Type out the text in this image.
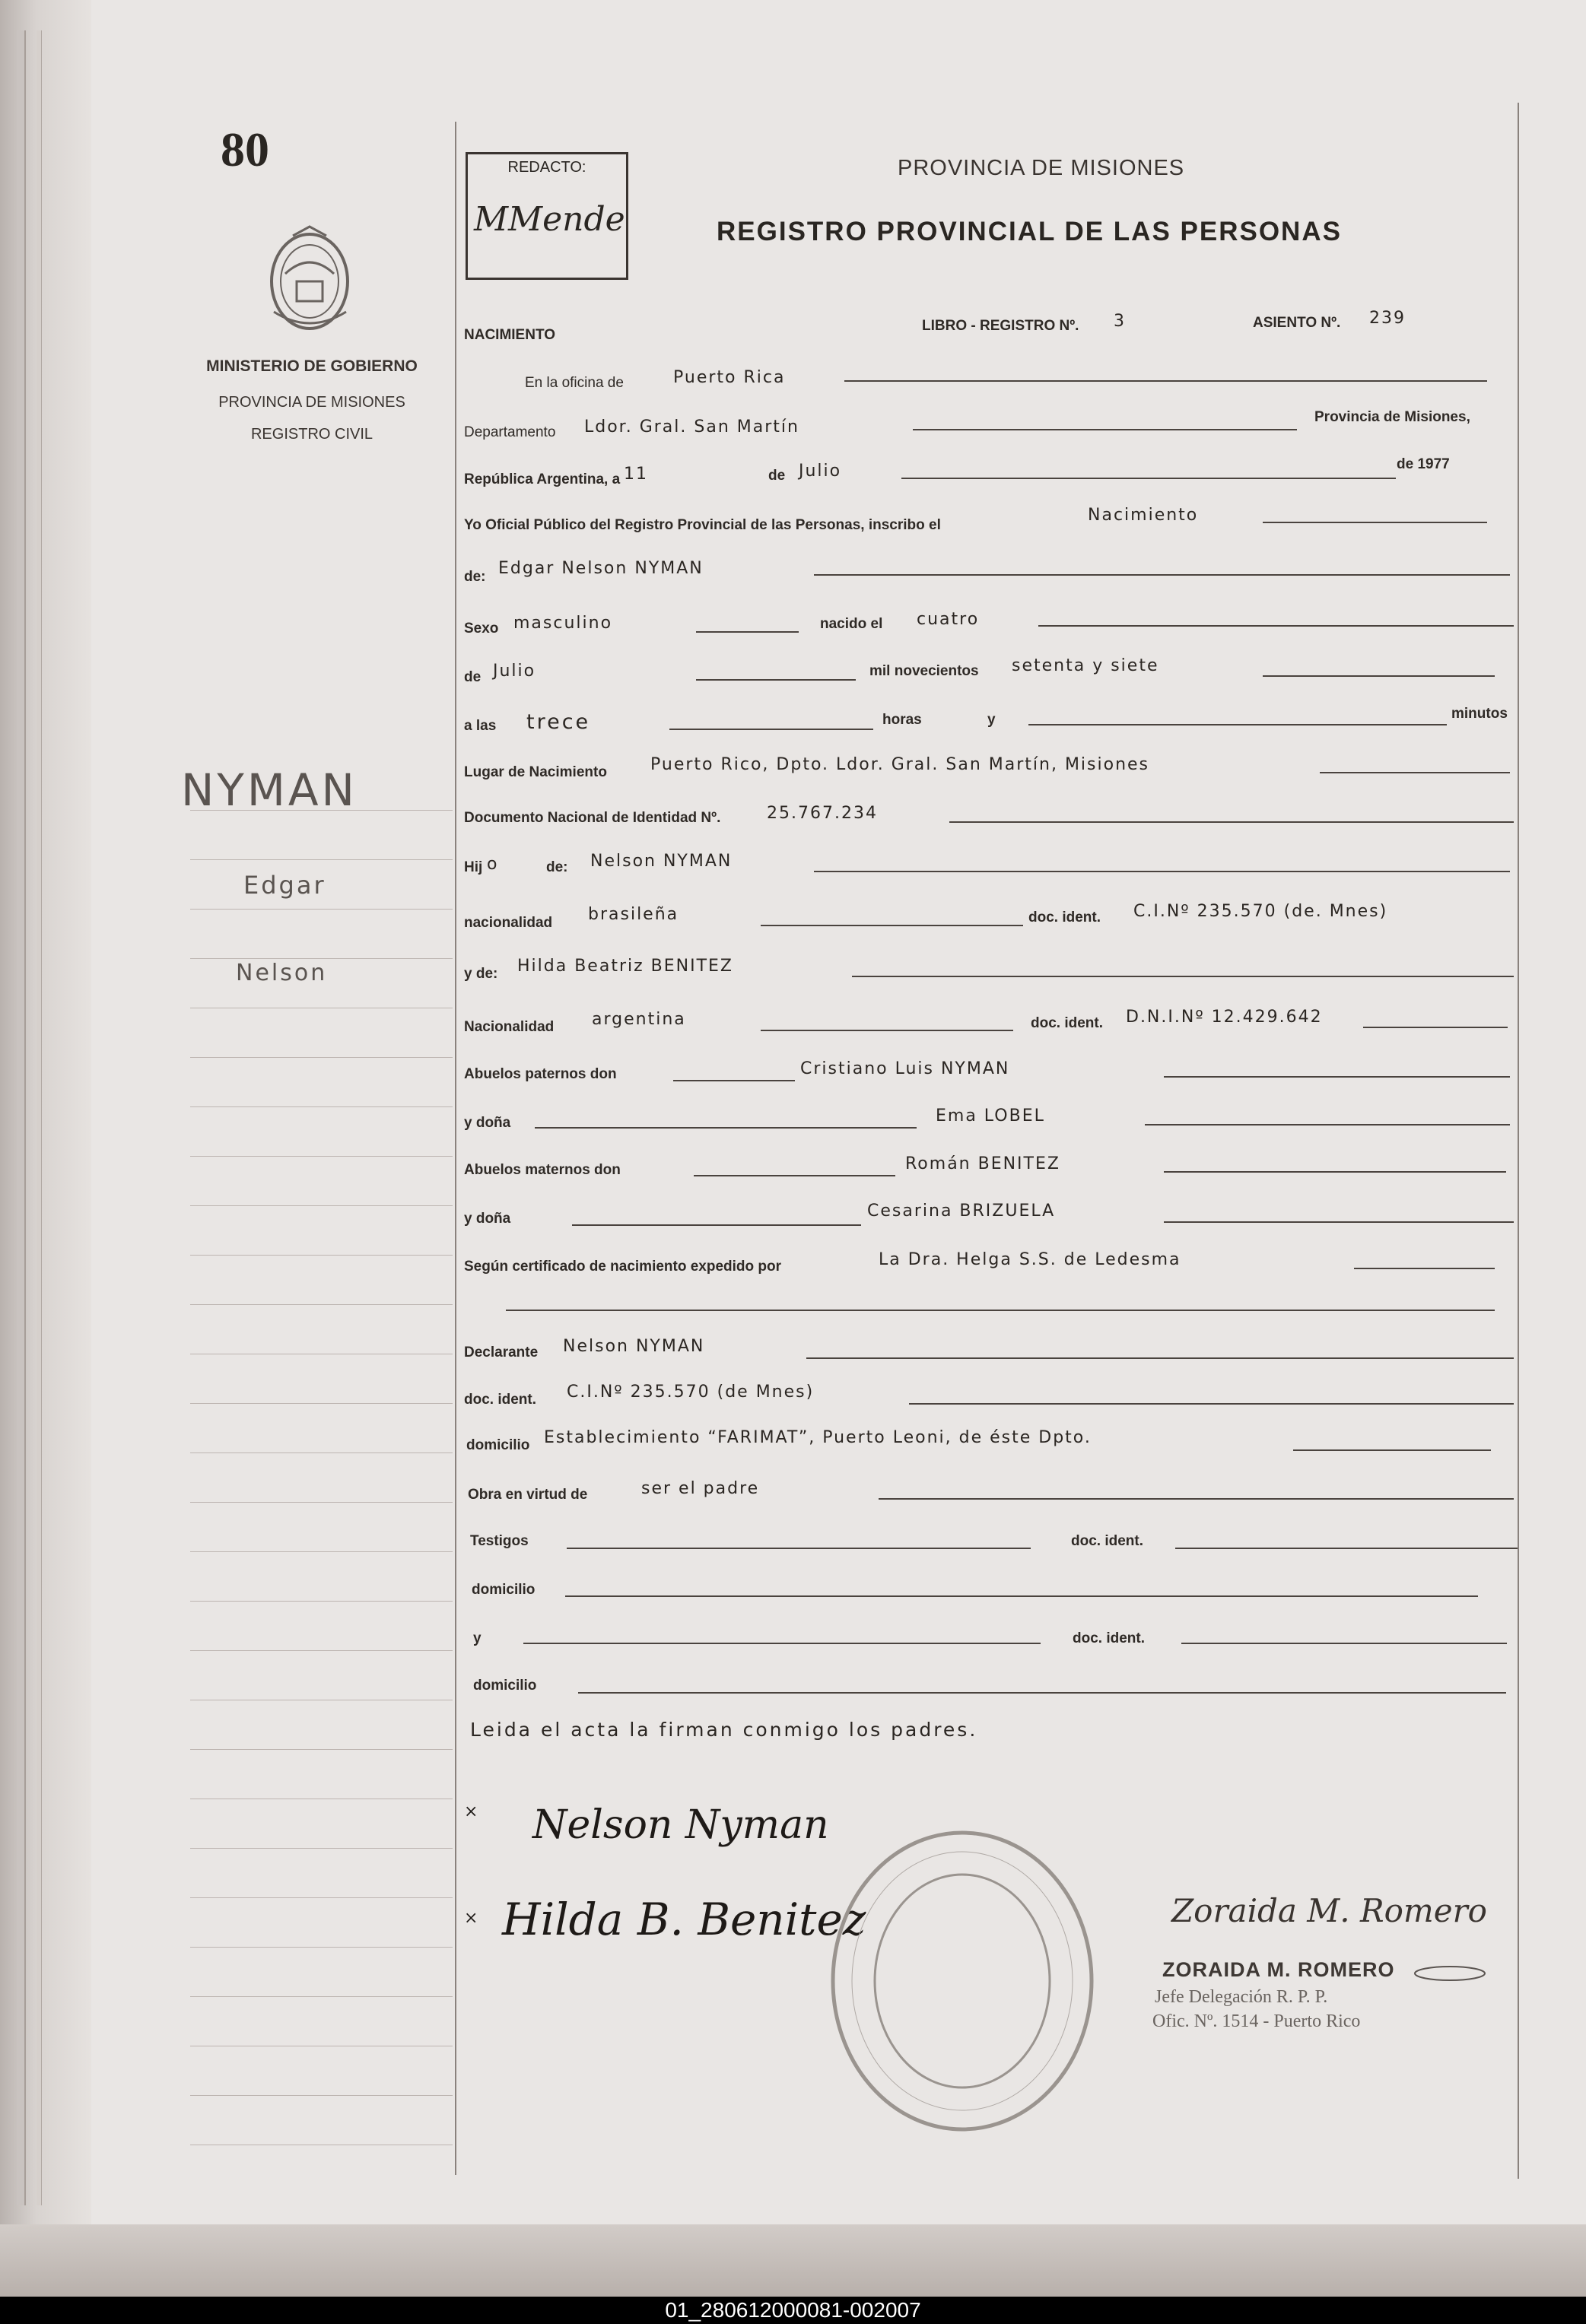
80
MINISTERIO DE GOBIERNO
PROVINCIA DE MISIONES
REGISTRO CIVIL
NYMAN
Edgar
Nelson
REDACTO:
MMende
PROVINCIA DE MISIONES
REGISTRO PROVINCIAL DE LAS PERSONAS
NACIMIENTO
LIBRO - REGISTRO Nº. 3	ASIENTO Nº. 239
En la oficina de	Puerto Rica
Departamento Ldor. Gral. San Martín
Provincia de Misiones,
República Argentina, a 11	de Julio	de 1977
Yo Oficial Público del Registro Provincial de las Personas, inscribo el
Nacimiento
de: Edgar Nelson NYMAN
Sexo masculino	nacido el cuatro
de Julio	mil novecientos setenta y siete
a las trece	horas	y	minutos
Lugar de Nacimiento	Puerto Rico, Dpto. Ldor. Gral. San Martín, Misiones
Documento Nacional de Identidad Nº.	25.767.234
Hij o	de: Nelson NYMAN
nacionalidad brasileña	doc. ident. C.I.Nº 235.570 (de. Mnes)
y de: Hilda Beatriz BENITEZ
Nacionalidad argentina	doc. ident. D.N.I.Nº 12.429.642
Abuelos paternos don	Cristiano Luis NYMAN
y doña	Ema LOBEL
Abuelos maternos don	Román BENITEZ
y doña	Cesarina BRIZUELA
Según certificado de nacimiento expedido por	La Dra. Helga S.S. de Ledesma
Declarante Nelson NYMAN
doc. ident. C.I.Nº 235.570 (de Mnes)
domicilio Establecimiento “FARIMAT”, Puerto Leoni, de éste Dpto.
Obra en virtud de	ser el padre
Testigos	doc. ident.
domicilio
y	doc. ident.
domicilio
Leida el acta la firman conmigo los padres.
× Nelson Nyman
× Hilda B. Benitez	Zoraida M. Romero
ZORAIDA M. ROMERO
Jefe Delegación R. P. P.
Ofic. Nº. 1514 - Puerto Rico
01_280612000081-002007
